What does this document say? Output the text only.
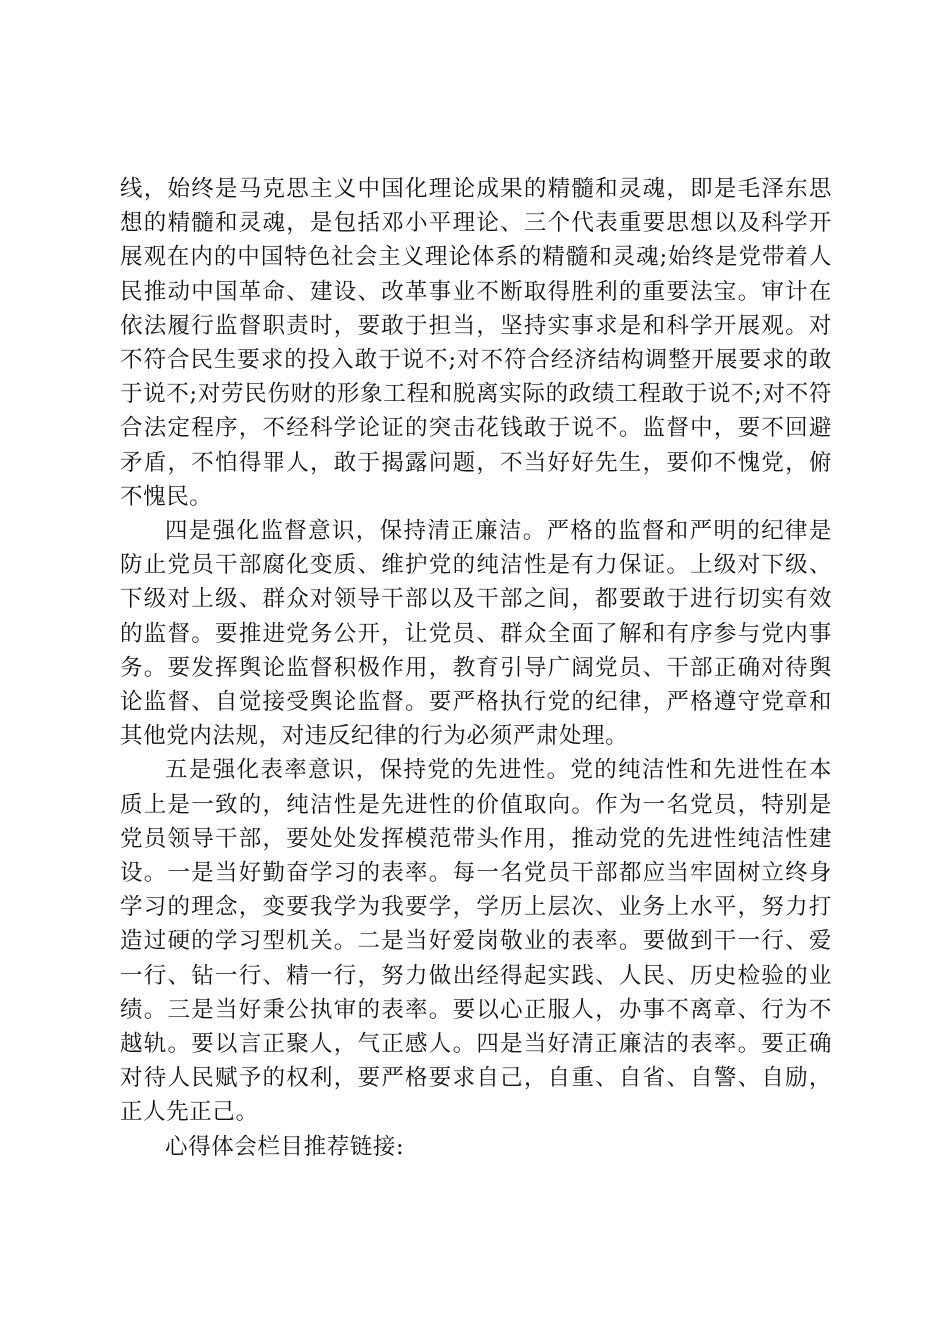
线，始终是马克思主义中国化理论成果的精髓和灵魂，即是毛泽东思想的精髓和灵魂，是包括邓小平理论、三个代表重要思想以及科学开展观在内的中国特色社会主义理论体系的精髓和灵魂;始终是党带着人民推动中国革命、建设、改革事业不断取得胜利的重要法宝。审计在依法履行监督职责时，要敢于担当，坚持实事求是和科学开展观。对不符合民生要求的投入敢于说不;对不符合经济结构调整开展要求的敢于说不;对劳民伤财的形象工程和脱离实际的政绩工程敢于说不;对不符合法定程序，不经科学论证的突击花钱敢于说不。监督中，要不回避矛盾，不怕得罪人，敢于揭露问题，不当好好先生，要仰不愧党，俯不愧民。

四是强化监督意识，保持清正廉洁。严格的监督和严明的纪律是防止党员干部腐化变质、维护党的纯洁性是有力保证。上级对下级、下级对上级、群众对领导干部以及干部之间，都要敢于进行切实有效的监督。要推进党务公开，让党员、群众全面了解和有序参与党内事务。要发挥舆论监督积极作用，教育引导广阔党员、干部正确对待舆论监督、自觉接受舆论监督。要严格执行党的纪律，严格遵守党章和其他党内法规，对违反纪律的行为必须严肃处理。

五是强化表率意识，保持党的先进性。党的纯洁性和先进性在本质上是一致的，纯洁性是先进性的价值取向。作为一名党员，特别是党员领导干部，要处处发挥模范带头作用，推动党的先进性纯洁性建设。一是当好勤奋学习的表率。每一名党员干部都应当牢固树立终身学习的理念，变要我学为我要学，学历上层次、业务上水平，努力打造过硬的学习型机关。二是当好爱岗敬业的表率。要做到干一行、爱一行、钻一行、精一行，努力做出经得起实践、人民、历史检验的业绩。三是当好秉公执审的表率。要以心正服人，办事不离章、行为不越轨。要以言正聚人，气正感人。四是当好清正廉洁的表率。要正确对待人民赋予的权利，要严格要求自己，自重、自省、自警、自励，正人先正己。

心得体会栏目推荐链接:
